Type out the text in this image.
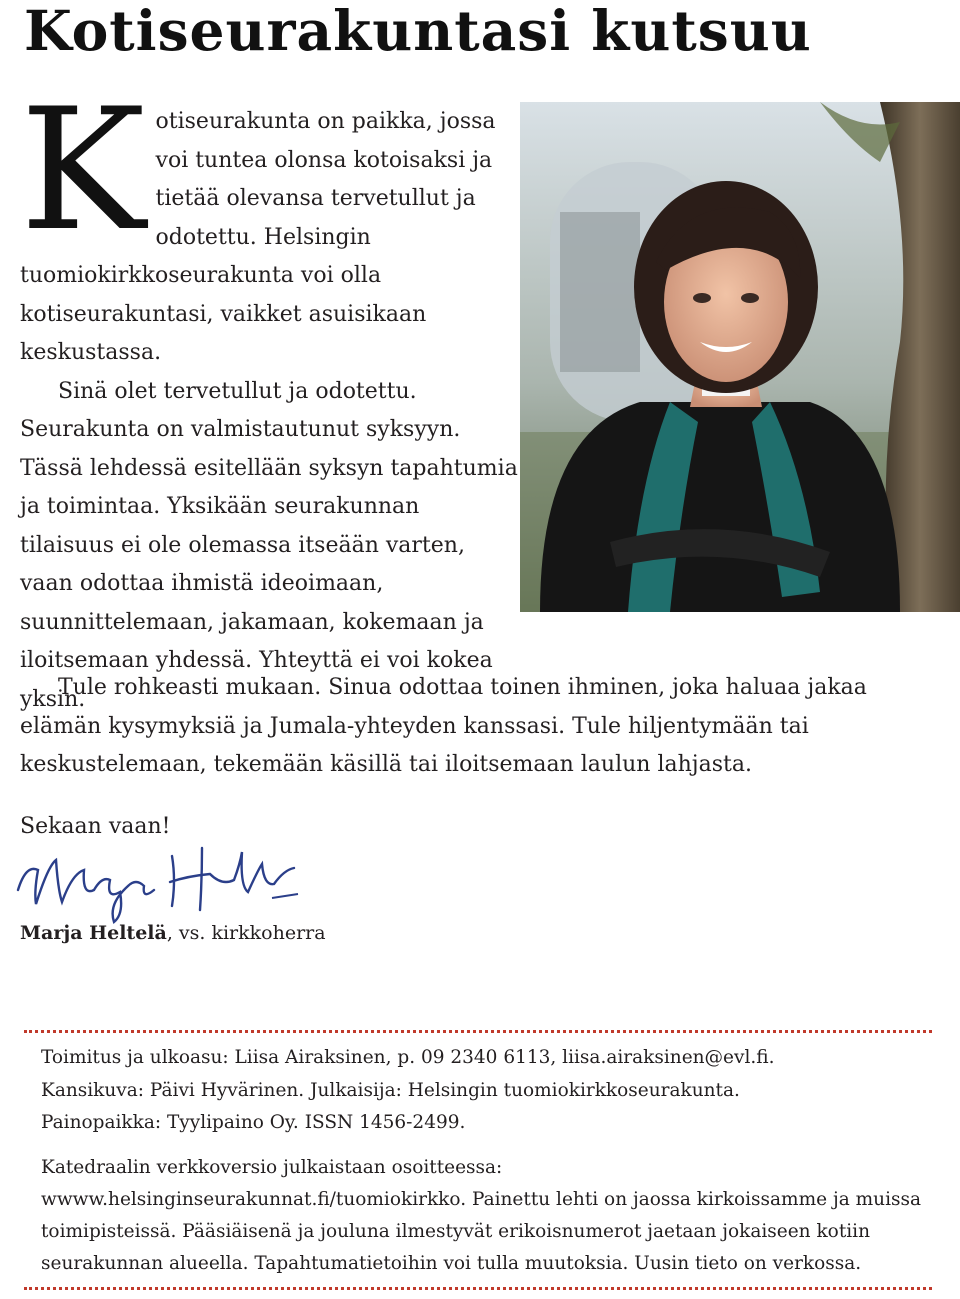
Kotiseurakuntasi kutsuu
K otiseurakunta on paikka, jossa voi tuntea olonsa kotoisaksi ja tietää olevansa tervetullut ja odotettu. Helsingin tuomiokirkkoseurakunta voi olla kotiseurakuntasi, vaikket asuisikaan keskustassa.

Sinä olet tervetullut ja odotettu. Seurakunta on valmistautunut syksyyn. Tässä lehdessä esitellään syksyn tapahtumia ja toimintaa. Yksikään seurakunnan tilaisuus ei ole olemassa itseään varten, vaan odottaa ihmistä ideoimaan, suunnittelemaan, jakamaan, kokemaan ja iloitsemaan yhdessä. Yhteyttä ei voi kokea yksin.

Tule rohkeasti mukaan. Sinua odottaa toinen ihminen, joka haluaa jakaa elämän kysymyksiä ja Jumala-yhteyden kanssasi. Tule hiljentymään tai keskustelemaan, tekemään käsillä tai iloitsemaan laulun lahjasta.

Sekaan vaan!

Marja Heltelä, vs. kirkkoherra

Toimitus ja ulkoasu: Liisa Airaksinen, p. 09 2340 6113, liisa.airaksinen@evl.fi.

Kansikuva: Päivi Hyvärinen. Julkaisija: Helsingin tuomiokirkkoseurakunta.

Painopaikka: Tyylipaino Oy. ISSN 1456-2499.

Katedraalin verkkoversio julkaistaan osoitteessa: wwww.helsinginseurakunnat.fi/tuomiokirkko. Painettu lehti on jaossa kirkoissamme ja muissa toimipisteissä. Pääsiäisenä ja jouluna ilmestyvät erikoisnumerot jaetaan jokaiseen kotiin seurakunnan alueella. Tapahtumatietoihin voi tulla muutoksia. Uusin tieto on verkossa.
